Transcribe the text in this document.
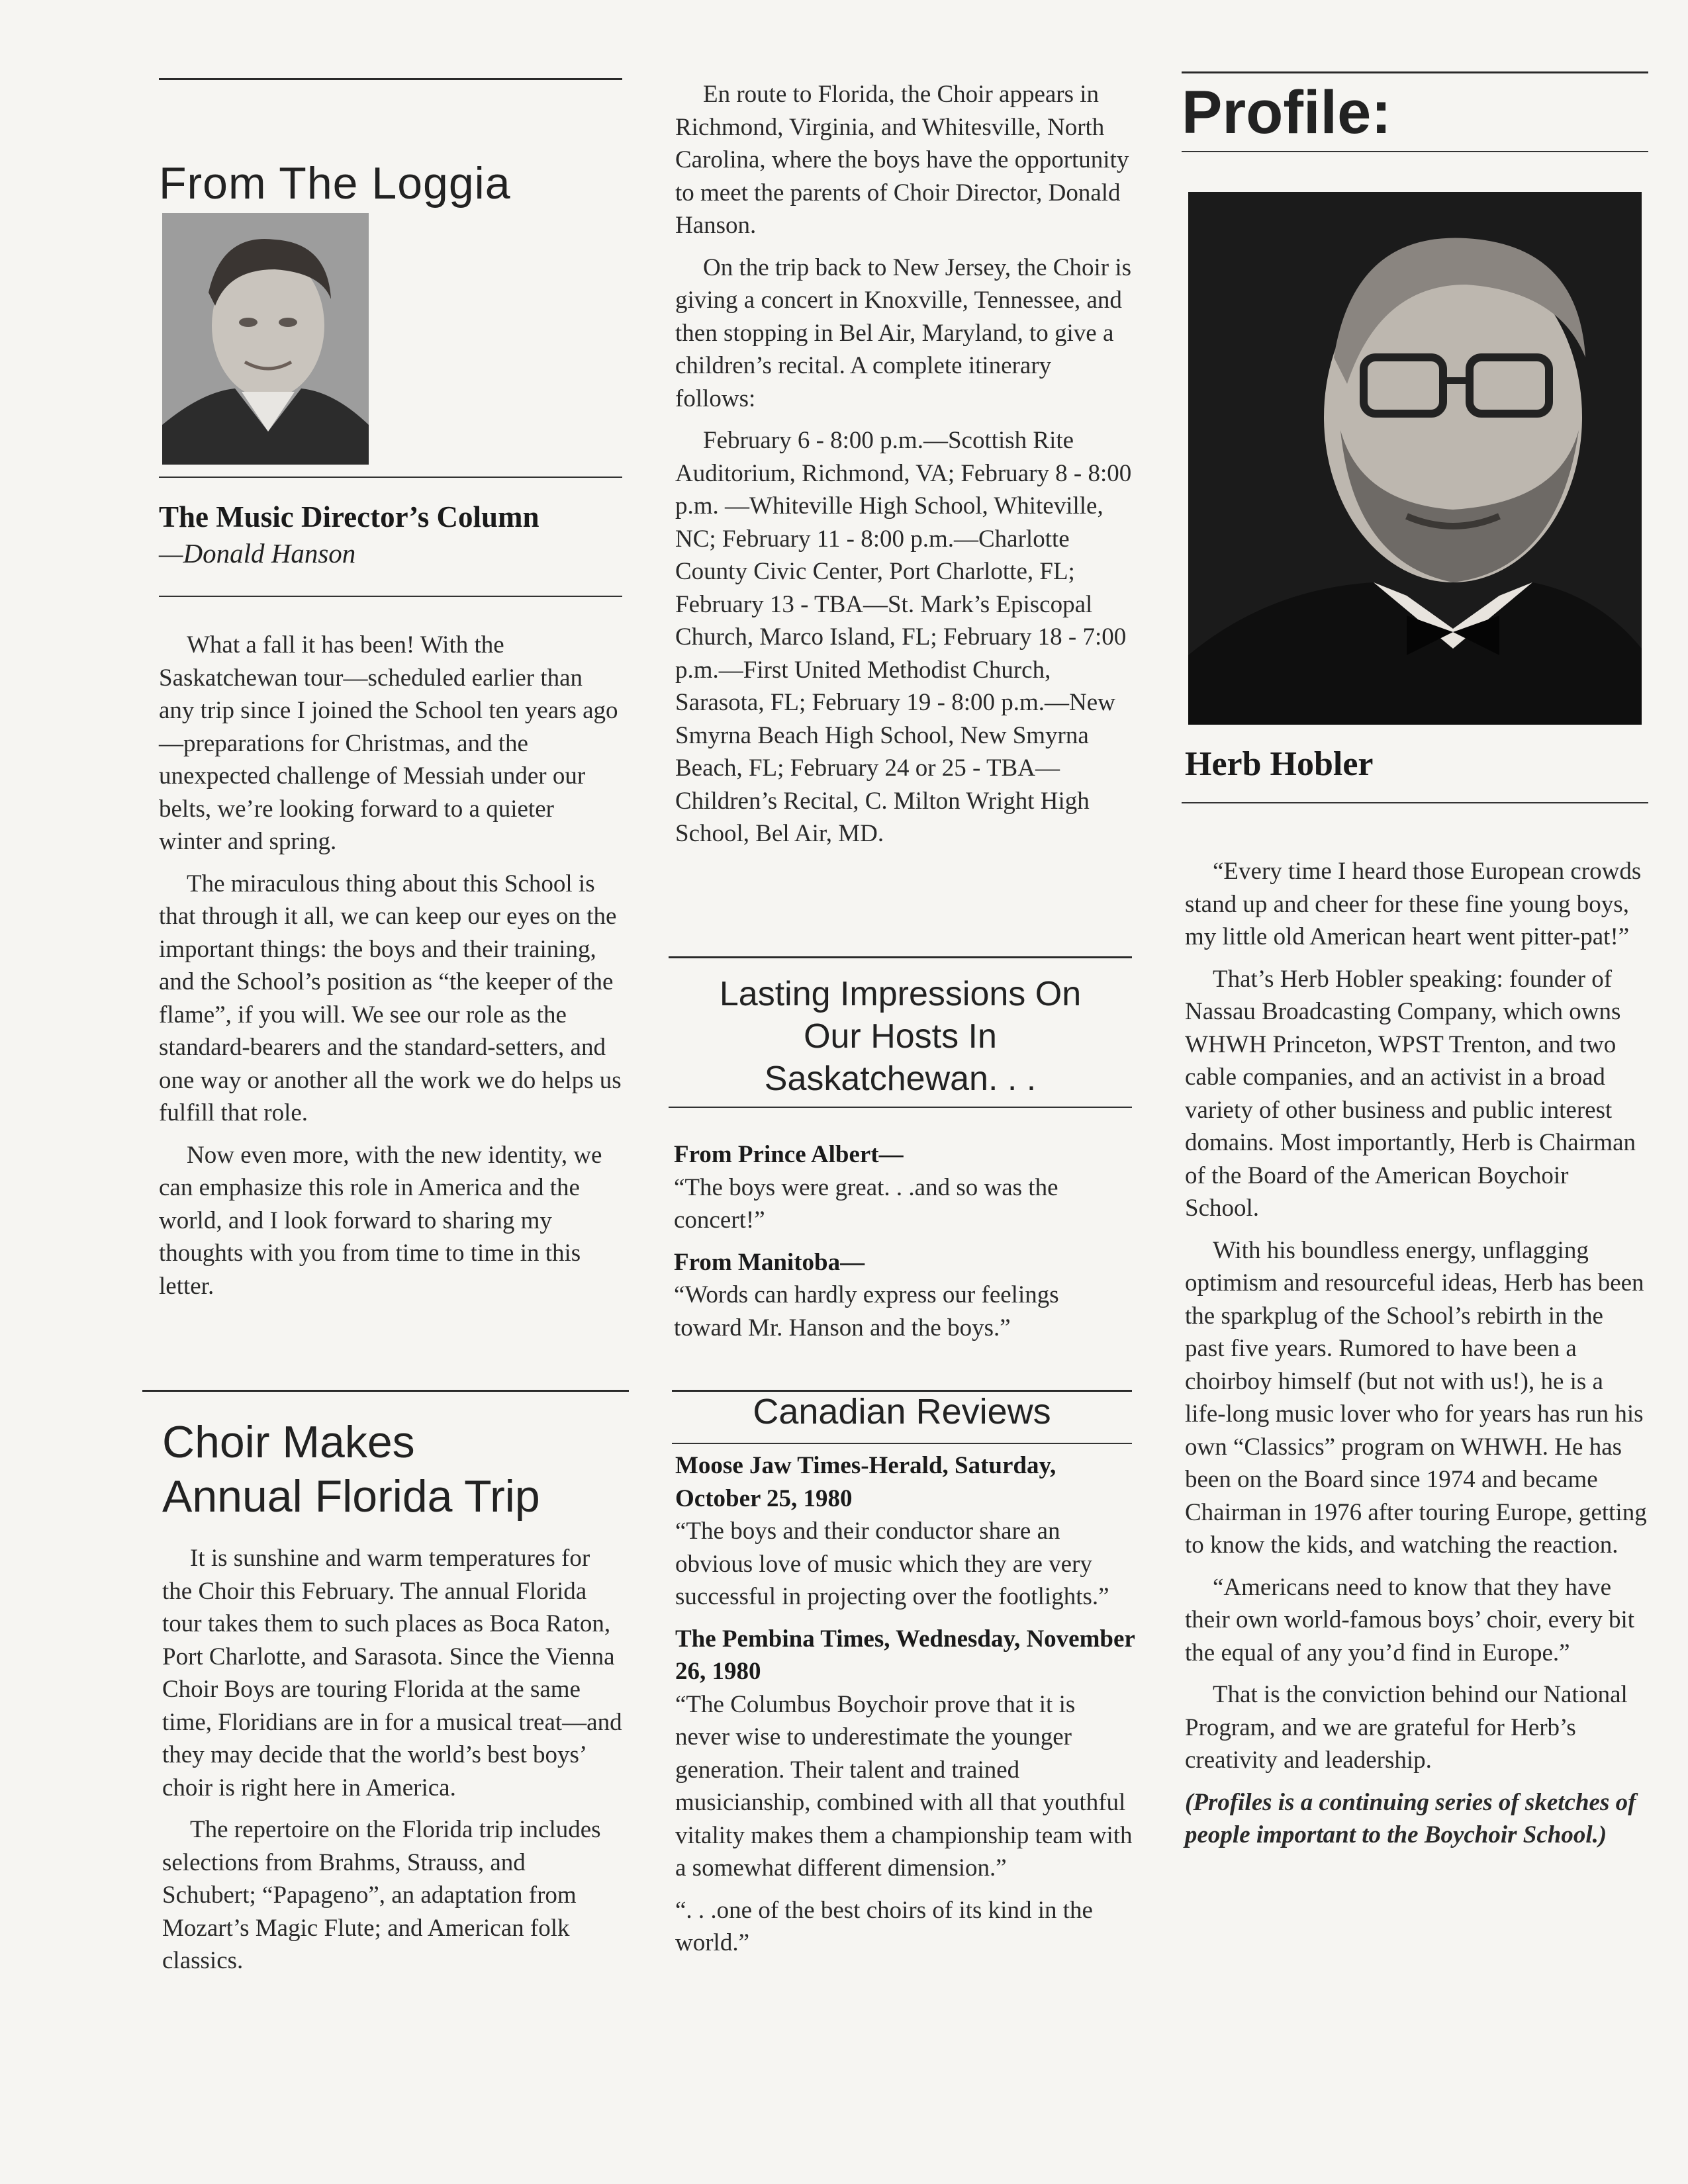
From The Loggia
The Music Director’s Column

—Donald Hanson

What a fall it has been! With the Saskatchewan tour—scheduled earlier than any trip since I joined the School ten years ago—preparations for Christmas, and the unexpected challenge of Messiah under our belts, we’re looking forward to a quieter winter and spring.

The miraculous thing about this School is that through it all, we can keep our eyes on the important things: the boys and their training, and the School’s position as “the keeper of the flame”, if you will. We see our role as the standard-bearers and the standard-setters, and one way or another all the work we do helps us fulfill that role.

Now even more, with the new identity, we can emphasize this role in America and the world, and I look forward to sharing my thoughts with you from time to time in this letter.

Choir Makes
Annual Florida Trip

It is sunshine and warm temperatures for the Choir this February. The annual Florida tour takes them to such places as Boca Raton, Port Charlotte, and Sarasota. Since the Vienna Choir Boys are touring Florida at the same time, Floridians are in for a musical treat—and they may decide that the world’s best boys’ choir is right here in America.

The repertoire on the Florida trip includes selections from Brahms, Strauss, and Schubert; “Papageno”, an adaptation from Mozart’s Magic Flute; and American folk classics.

En route to Florida, the Choir appears in Richmond, Virginia, and Whitesville, North Carolina, where the boys have the opportunity to meet the parents of Choir Director, Donald Hanson.

On the trip back to New Jersey, the Choir is giving a concert in Knoxville, Tennessee, and then stopping in Bel Air, Maryland, to give a children’s recital. A complete itinerary follows:

February 6 - 8:00 p.m.—Scottish Rite Auditorium, Richmond, VA; February 8 - 8:00 p.m. —Whiteville High School, Whiteville, NC; February 11 - 8:00 p.m.—Charlotte County Civic Center, Port Charlotte, FL; February 13 - TBA—St. Mark’s Episcopal Church, Marco Island, FL; February 18 - 7:00 p.m.—First United Methodist Church, Sarasota, FL; February 19 - 8:00 p.m.—New Smyrna Beach High School, New Smyrna Beach, FL; February 24 or 25 - TBA—Children’s Recital, C. Milton Wright High School, Bel Air, MD.

Lasting Impressions On
Our Hosts In
Saskatchewan. . .

From Prince Albert—

“The boys were great. . .and so was the concert!”

From Manitoba—

“Words can hardly express our feelings toward Mr. Hanson and the boys.”

Canadian Reviews

Moose Jaw Times-Herald, Saturday, October 25, 1980

“The boys and their conductor share an obvious love of music which they are very successful in projecting over the footlights.”

The Pembina Times, Wednesday, November 26, 1980

“The Columbus Boychoir prove that it is never wise to underestimate the younger generation. Their talent and trained musicianship, combined with all that youthful vitality makes them a championship team with a somewhat different dimension.”

“. . .one of the best choirs of its kind in the world.”

Profile:
Herb Hobler

“Every time I heard those European crowds stand up and cheer for these fine young boys, my little old American heart went pitter-pat!”

That’s Herb Hobler speaking: founder of Nassau Broadcasting Company, which owns WHWH Princeton, WPST Trenton, and two cable companies, and an activist in a broad variety of other business and public interest domains. Most importantly, Herb is Chairman of the Board of the American Boychoir School.

With his boundless energy, unflagging optimism and resourceful ideas, Herb has been the sparkplug of the School’s rebirth in the past five years. Rumored to have been a choirboy himself (but not with us!), he is a life-long music lover who for years has run his own “Classics” program on WHWH. He has been on the Board since 1974 and became Chairman in 1976 after touring Europe, getting to know the kids, and watching the reaction.

“Americans need to know that they have their own world-famous boys’ choir, every bit the equal of any you’d find in Europe.”

That is the conviction behind our National Program, and we are grateful for Herb’s creativity and leadership.

(Profiles is a continuing series of sketches of people important to the Boychoir School.)
